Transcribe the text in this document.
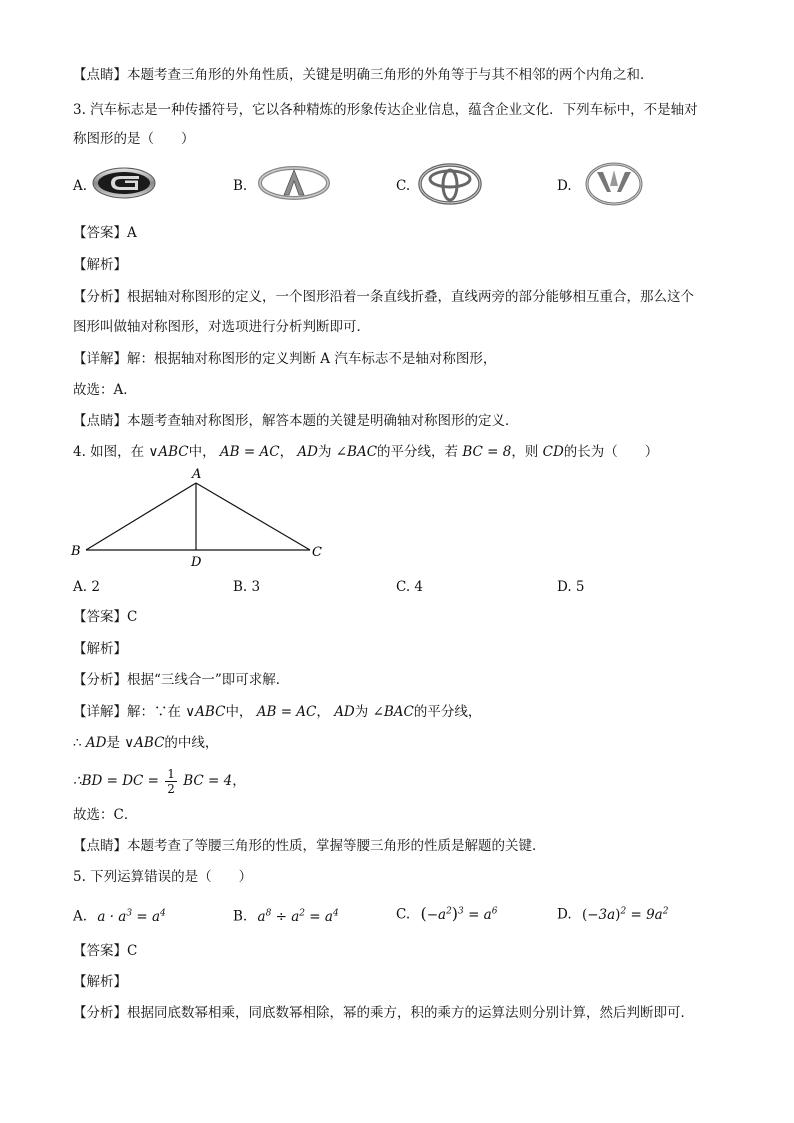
【点睛】本题考查三角形的外角性质，关键是明确三角形的外角等于与其不相邻的两个内角之和．
3. 汽车标志是一种传播符号，它以各种精炼的形象传达企业信息，蕴含企业文化．下列车标中，不是轴对
称图形的是（　　）
A.	B.	C.	D.
【答案】A
【解析】
【分析】根据轴对称图形的定义，一个图形沿着一条直线折叠，直线两旁的部分能够相互重合，那么这个
图形叫做轴对称图形，对选项进行分析判断即可．
【详解】解：根据轴对称图形的定义判断 A 汽车标志不是轴对称图形，
故选：A．
【点睛】本题考查轴对称图形，解答本题的关键是明确轴对称图形的定义．
4. 如图，在 ∨ABC中， AB = AC， AD为 ∠BAC的平分线，若 BC = 8，则 CD的长为（　　）
A
B	C
D
A. 2	B. 3	C. 4	D. 5
【答案】C
【解析】
【分析】根据“三线合一”即可求解．
【详解】解：∵在 ∨ABC中， AB = AC， AD为 ∠BAC的平分线，
∴ AD是 ∨ABC的中线，
∴BD = DC = $\frac{1}{2}$ BC = 4，
故选：C．
【点睛】本题考查了等腰三角形的性质，掌握等腰三角形的性质是解题的关键．
5. 下列运算错误的是（　　）
A. $a \cdot a^3 = a^4$	B. $a^8 \div a^2 = a^4$	C. $(-a^2)^3 = a^6$	D. $(-3a)^2 = 9a^2$
【答案】C
【解析】
【分析】根据同底数幂相乘，同底数幂相除，幂的乘方，积的乘方的运算法则分别计算，然后判断即可．
